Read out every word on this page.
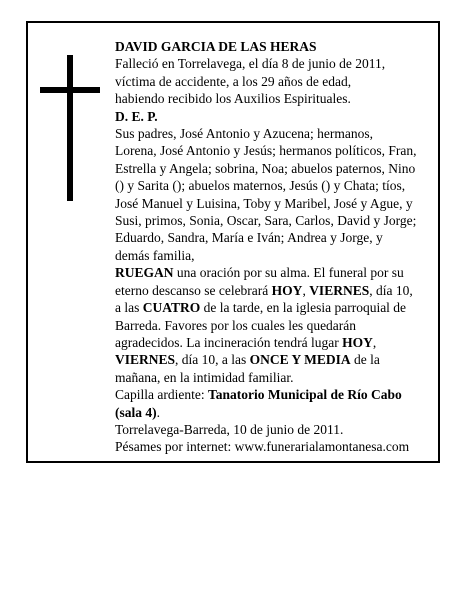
DAVID GARCIA DE LAS HERAS

Falleció en Torrelavega, el día 8 de junio de 2011,

víctima de accidente, a los 29 años de edad,

habiendo recibido los Auxilios Espirituales.

D. E. P.

Sus padres, José Antonio y Azucena; hermanos,

Lorena, José Antonio y Jesús; hermanos políticos, Fran,

Estrella y Angela; sobrina, Noa; abuelos paternos, Nino

() y Sarita (); abuelos maternos, Jesús () y Chata; tíos,

José Manuel y Luisina, Toby y Maribel, José y Ague, y

Susi, primos, Sonia, Oscar, Sara, Carlos, David y Jorge;

Eduardo, Sandra, María e Iván; Andrea y Jorge, y

demás familia,

RUEGAN una oración por su alma. El funeral por su

eterno descanso se celebrará HOY, VIERNES, día 10,

a las CUATRO de la tarde, en la iglesia parroquial de

Barreda. Favores por los cuales les quedarán

agradecidos. La incineración tendrá lugar HOY,

VIERNES, día 10, a las ONCE Y MEDIA de la

mañana, en la intimidad familiar.

Capilla ardiente: Tanatorio Municipal de Río Cabo

(sala 4).

Torrelavega-Barreda, 10 de junio de 2011.

Pésames por internet: www.funerarialamontanesa.com
